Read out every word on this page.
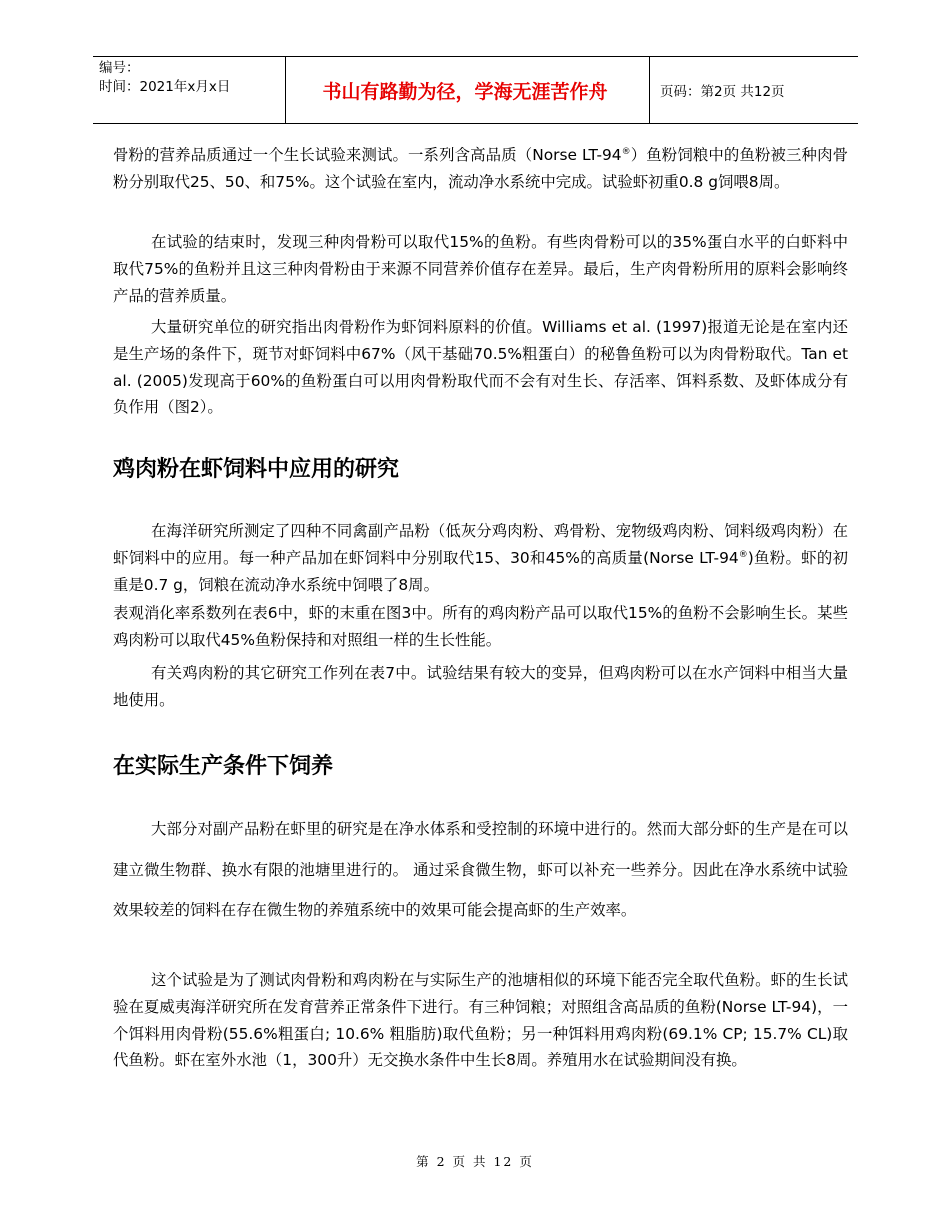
编号：
时间：2021年x月x日	书山有路勤为径，学海无涯苦作舟	页码：第2页 共12页

骨粉的营养品质通过一个生长试验来测试。一系列含高品质（Norse LT-94®）鱼粉饲粮中的鱼粉被三种肉骨粉分别取代25、50、和75%。这个试验在室内，流动净水系统中完成。试验虾初重0.8 g饲喂8周。

在试验的结束时，发现三种肉骨粉可以取代15%的鱼粉。有些肉骨粉可以的35%蛋白水平的白虾料中取代75%的鱼粉并且这三种肉骨粉由于来源不同营养价值存在差异。最后，生产肉骨粉所用的原料会影响终产品的营养质量。

大量研究单位的研究指出肉骨粉作为虾饲料原料的价值。Williams et al. (1997)报道无论是在室内还是生产场的条件下，斑节对虾饲料中67%（风干基础70.5%粗蛋白）的秘鲁鱼粉可以为肉骨粉取代。Tan et al. (2005)发现高于60%的鱼粉蛋白可以用肉骨粉取代而不会有对生长、存活率、饵料系数、及虾体成分有负作用（图2）。

鸡肉粉在虾饲料中应用的研究

在海洋研究所测定了四种不同禽副产品粉（低灰分鸡肉粉、鸡骨粉、宠物级鸡肉粉、饲料级鸡肉粉）在虾饲料中的应用。每一种产品加在虾饲料中分别取代15、30和45%的高质量(Norse LT-94®)鱼粉。虾的初重是0.7 g，饲粮在流动净水系统中饲喂了8周。

表观消化率系数列在表6中，虾的末重在图3中。所有的鸡肉粉产品可以取代15%的鱼粉不会影响生长。某些鸡肉粉可以取代45%鱼粉保持和对照组一样的生长性能。

有关鸡肉粉的其它研究工作列在表7中。试验结果有较大的变异，但鸡肉粉可以在水产饲料中相当大量地使用。

在实际生产条件下饲养

大部分对副产品粉在虾里的研究是在净水体系和受控制的环境中进行的。然而大部分虾的生产是在可以建立微生物群、换水有限的池塘里进行的。 通过采食微生物，虾可以补充一些养分。因此在净水系统中试验效果较差的饲料在存在微生物的养殖系统中的效果可能会提高虾的生产效率。

这个试验是为了测试肉骨粉和鸡肉粉在与实际生产的池塘相似的环境下能否完全取代鱼粉。虾的生长试验在夏威夷海洋研究所在发育营养正常条件下进行。有三种饲粮；对照组含高品质的鱼粉(Norse LT-94)，一个饵料用肉骨粉(55.6%粗蛋白; 10.6% 粗脂肪)取代鱼粉；另一种饵料用鸡肉粉(69.1% CP; 15.7% CL)取代鱼粉。虾在室外水池（1，300升）无交换水条件中生长8周。养殖用水在试验期间没有换。

第 2 页 共 12 页
